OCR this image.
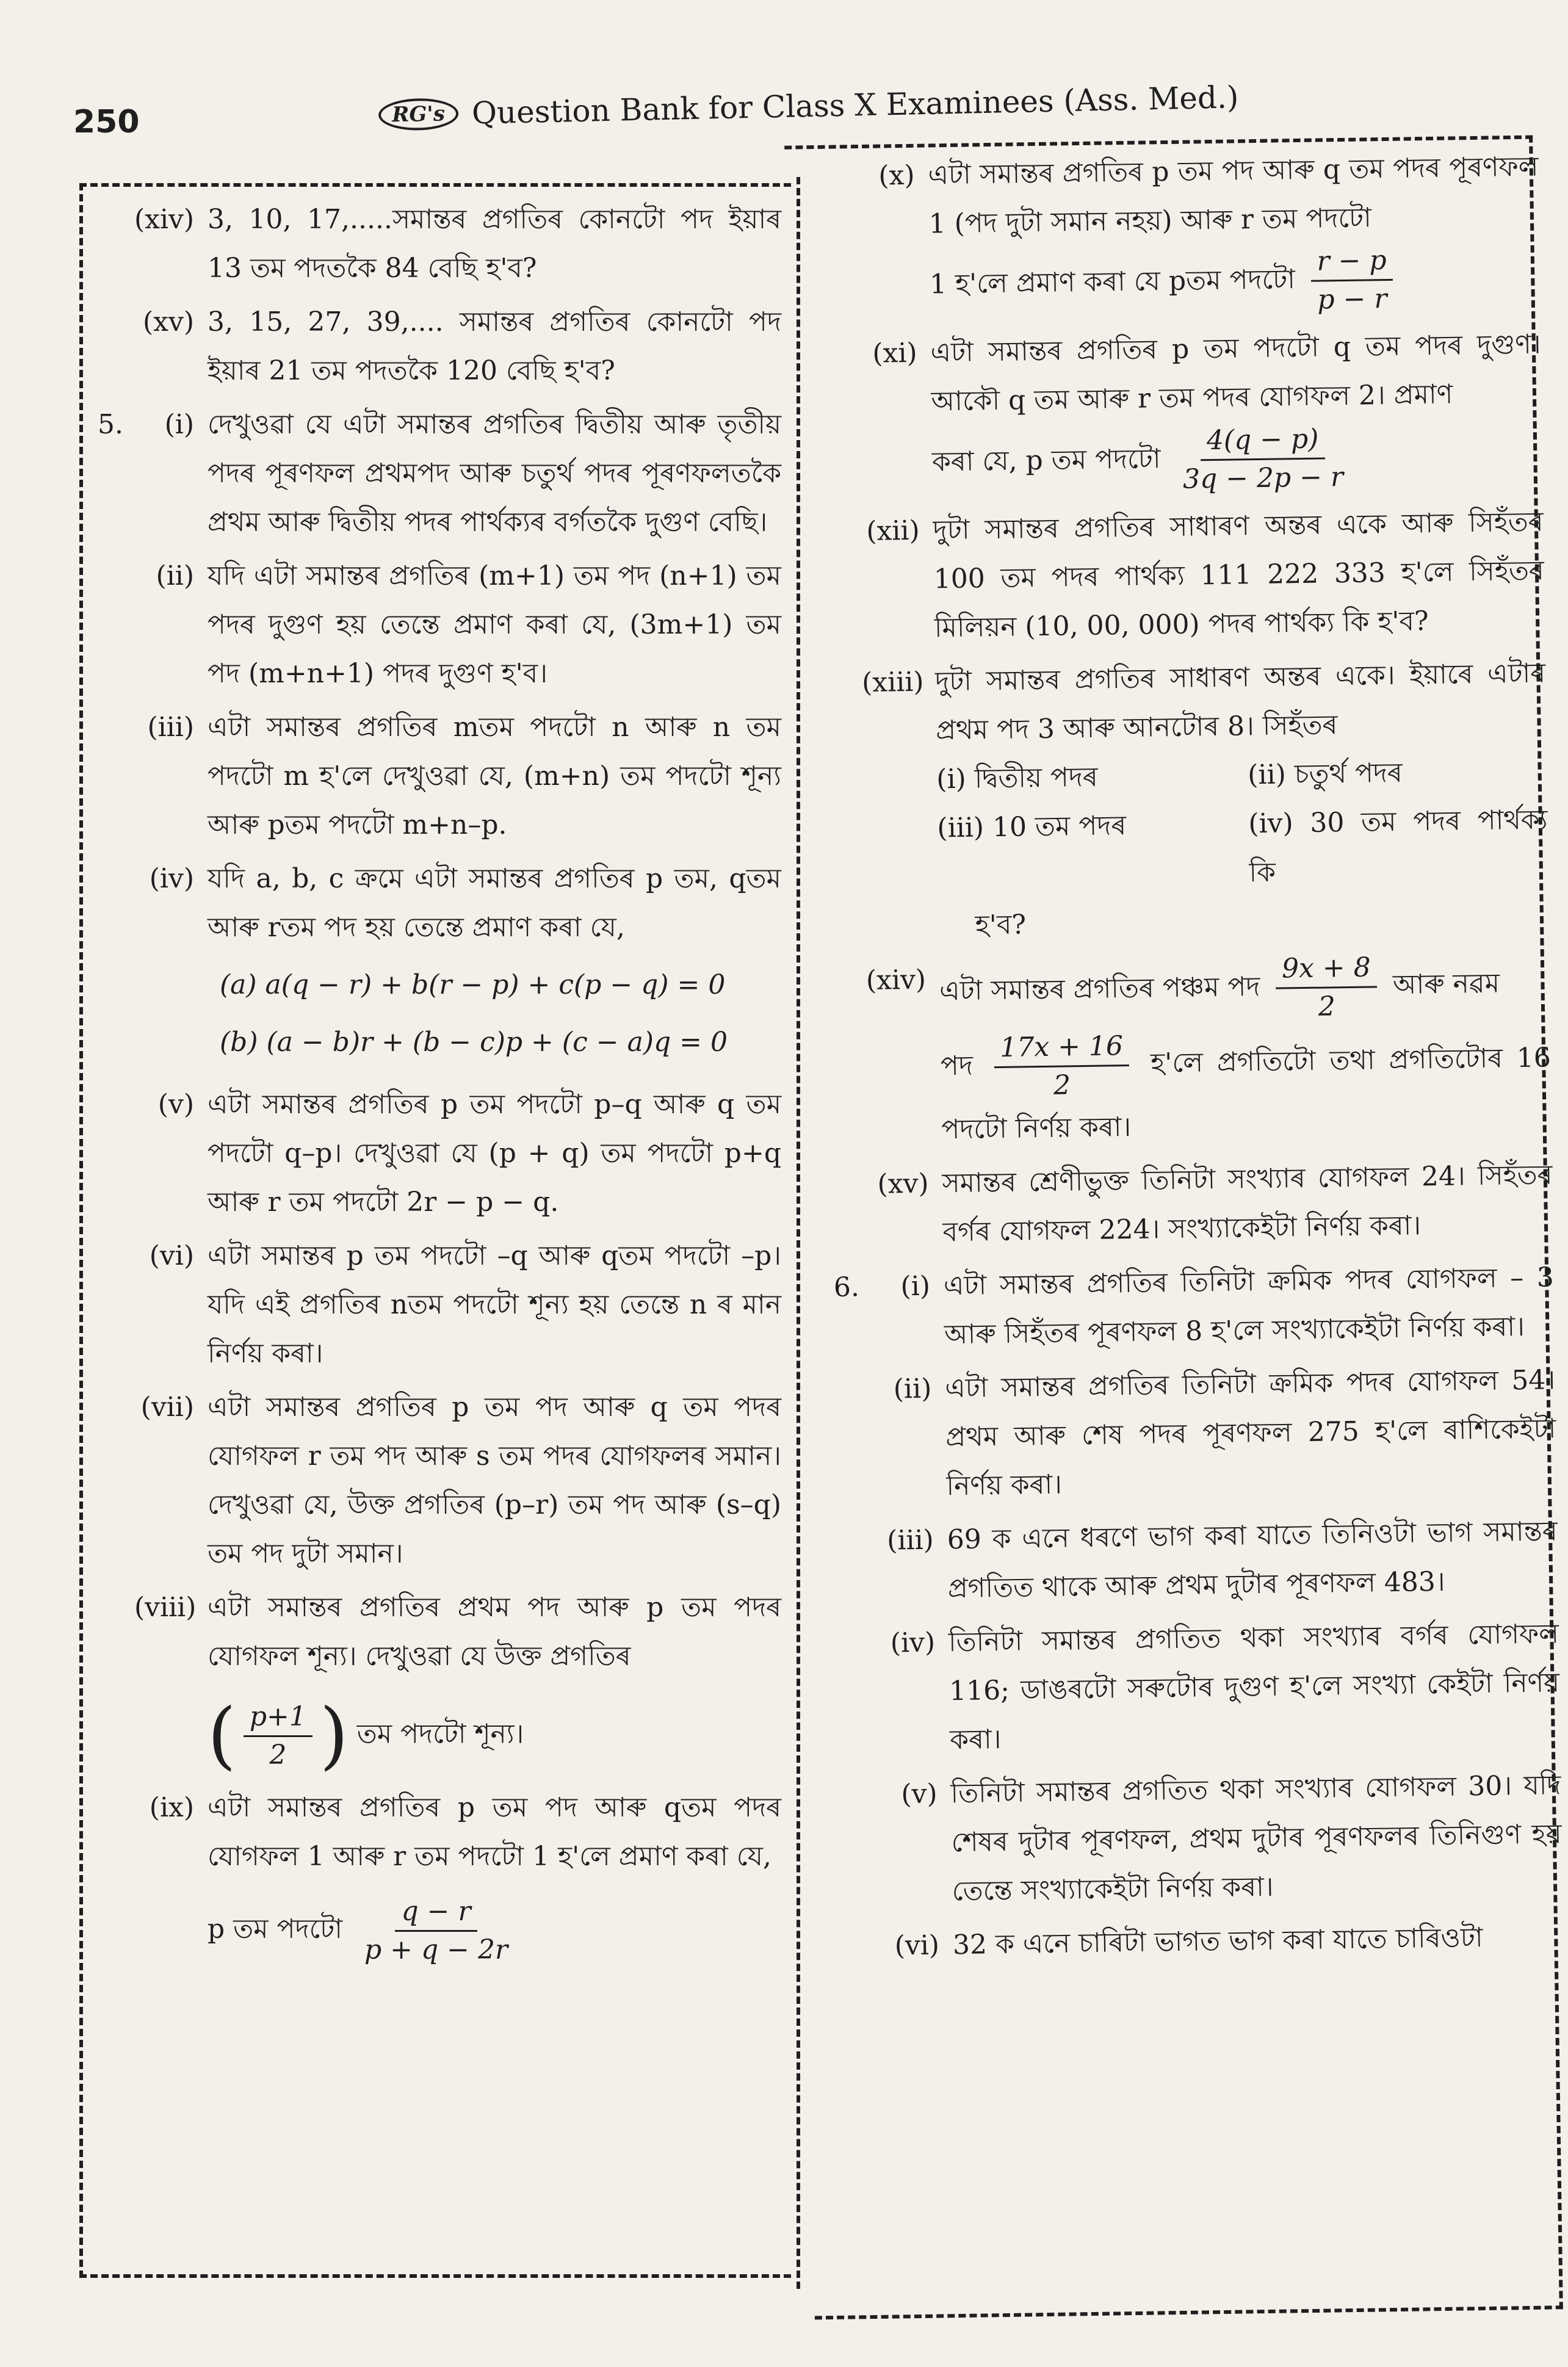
250	RG's Question Bank for Class X Examinees (Ass. Med.)
(xiv) 3, 10, 17,.....সমান্তৰ প্ৰগতিৰ কোনটো পদ ইয়াৰ 13 তম পদতকৈ 84 বেছি হ'ব?
(xv) 3, 15, 27, 39,.... সমান্তৰ প্ৰগতিৰ কোনটো পদ ইয়াৰ 21 তম পদতকৈ 120 বেছি হ'ব?
5.	(i) দেখুওৱা যে এটা সমান্তৰ প্ৰগতিৰ দ্বিতীয় আৰু তৃতীয় পদৰ পূৰণফল প্ৰথমপদ আৰু চতুৰ্থ পদৰ পূৰণফলতকৈ প্ৰথম আৰু দ্বিতীয় পদৰ পাৰ্থক্যৰ বৰ্গতকৈ দুগুণ বেছি।
(ii) যদি এটা সমান্তৰ প্ৰগতিৰ (m+1) তম পদ (n+1) তম পদৰ দুগুণ হয় তেন্তে প্ৰমাণ কৰা যে, (3m+1) তম পদ (m+n+1) পদৰ দুগুণ হ'ব।
(iii) এটা সমান্তৰ প্ৰগতিৰ mতম পদটো n আৰু n তম পদটো m হ'লে দেখুওৱা যে, (m+n) তম পদটো শূন্য আৰু pতম পদটো m+n–p.
(iv) যদি a, b, c ক্ৰমে এটা সমান্তৰ প্ৰগতিৰ p তম, qতম আৰু rতম পদ হয় তেন্তে প্ৰমাণ কৰা যে,
(a) a(q − r) + b(r − p) + c(p − q) = 0
(b) (a − b)r + (b − c)p + (c − a)q = 0
(v) এটা সমান্তৰ প্ৰগতিৰ p তম পদটো p–q আৰু q তম পদটো q–p। দেখুওৱা যে (p + q) তম পদটো p+q আৰু r তম পদটো 2r − p − q.
(vi) এটা সমান্তৰ p তম পদটো –q আৰু qতম পদটো –p। যদি এই প্ৰগতিৰ nতম পদটো শূন্য হয় তেন্তে n ৰ মান নিৰ্ণয় কৰা।
(vii) এটা সমান্তৰ প্ৰগতিৰ p তম পদ আৰু q তম পদৰ যোগফল r তম পদ আৰু s তম পদৰ যোগফলৰ সমান। দেখুওৱা যে, উক্ত প্ৰগতিৰ (p–r) তম পদ আৰু (s–q) তম পদ দুটা সমান।
(viii) এটা সমান্তৰ প্ৰগতিৰ প্ৰথম পদ আৰু p তম পদৰ যোগফল শূন্য। দেখুওৱা যে উক্ত প্ৰগতিৰ
( $\frac{p+1}{2}$ ) তম পদটো শূন্য।
(ix) এটা সমান্তৰ প্ৰগতিৰ p তম পদ আৰু qতম পদৰ যোগফল 1 আৰু r তম পদটো 1 হ'লে প্ৰমাণ কৰা যে,
p তম পদটো $\frac{q - r}{p + q - 2r}$
(x) এটা সমান্তৰ প্ৰগতিৰ p তম পদ আৰু q তম পদৰ পূৰণফল 1 (পদ দুটা সমান নহয়) আৰু r তম পদটো
1 হ'লে প্ৰমাণ কৰা যে pতম পদটো $\frac{r - p}{p - r}$
(xi) এটা সমান্তৰ প্ৰগতিৰ p তম পদটো q তম পদৰ দুগুণ। আকৌ q তম আৰু r তম পদৰ যোগফল 2। প্ৰমাণ
কৰা যে, p তম পদটো $\frac{4(q - p)}{3q - 2p - r}$
(xii) দুটা সমান্তৰ প্ৰগতিৰ সাধাৰণ অন্তৰ একে আৰু সিহঁতৰ 100 তম পদৰ পাৰ্থক্য 111 222 333 হ'লে সিহঁতৰ মিলিয়ন (10, 00, 000) পদৰ পাৰ্থক্য কি হ'ব?
(xiii) দুটা সমান্তৰ প্ৰগতিৰ সাধাৰণ অন্তৰ একে। ইয়াৰে এটাৰ প্ৰথম পদ 3 আৰু আনটোৰ 8। সিহঁতৰ
(i) দ্বিতীয় পদৰ	(ii) চতুৰ্থ পদৰ
(iii) 10 তম পদৰ	(iv) 30 তম পদৰ পাৰ্থক্য কি
হ'ব?
(xiv) এটা সমান্তৰ প্ৰগতিৰ পঞ্চম পদ $\frac{9x + 8}{2}$ আৰু নৱম
পদ $\frac{17x + 16}{2}$ হ'লে প্ৰগতিটো তথা প্ৰগতিটোৰ 16 পদটো নিৰ্ণয় কৰা।
(xv) সমান্তৰ শ্ৰেণীভুক্ত তিনিটা সংখ্যাৰ যোগফল 24। সিহঁতৰ বৰ্গৰ যোগফল 224। সংখ্যাকেইটা নিৰ্ণয় কৰা।
6.	(i) এটা সমান্তৰ প্ৰগতিৰ তিনিটা ক্ৰমিক পদৰ যোগফল – 3 আৰু সিহঁতৰ পূৰণফল 8 হ'লে সংখ্যাকেইটা নিৰ্ণয় কৰা।
(ii) এটা সমান্তৰ প্ৰগতিৰ তিনিটা ক্ৰমিক পদৰ যোগফল 54। প্ৰথম আৰু শেষ পদৰ পূৰণফল 275 হ'লে ৰাশিকেইটা নিৰ্ণয় কৰা।
(iii) 69 ক এনে ধৰণে ভাগ কৰা যাতে তিনিওটা ভাগ সমান্তৰ প্ৰগতিত থাকে আৰু প্ৰথম দুটাৰ পূৰণফল 483।
(iv) তিনিটা সমান্তৰ প্ৰগতিত থকা সংখ্যাৰ বৰ্গৰ যোগফল 116; ডাঙৰটো সৰুটোৰ দুগুণ হ'লে সংখ্যা কেইটা নিৰ্ণয় কৰা।
(v) তিনিটা সমান্তৰ প্ৰগতিত থকা সংখ্যাৰ যোগফল 30। যদি শেষৰ দুটাৰ পূৰণফল, প্ৰথম দুটাৰ পূৰণফলৰ তিনিগুণ হয় তেন্তে সংখ্যাকেইটা নিৰ্ণয় কৰা।
(vi) 32 ক এনে চাৰিটা ভাগত ভাগ কৰা যাতে চাৰিওটা
